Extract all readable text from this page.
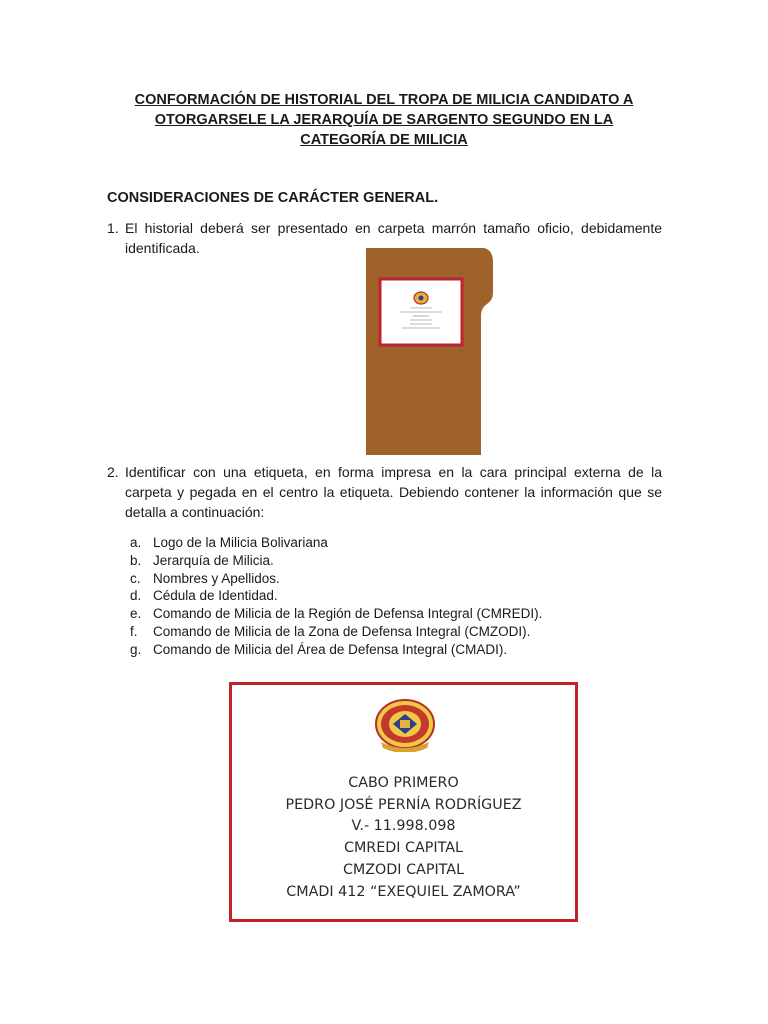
CONFORMACIÓN DE HISTORIAL DEL TROPA DE MILICIA CANDIDATO A
OTORGARSELE LA JERARQUÍA DE SARGENTO SEGUNDO EN LA
CATEGORÍA DE MILICIA
CONSIDERACIONES DE CARÁCTER GENERAL.
1. El historial deberá ser presentado en carpeta marrón tamaño oficio, debidamente identificada.
2. Identificar con una etiqueta, en forma impresa en la cara principal externa de la carpeta y pegada en el centro la etiqueta. Debiendo contener la información que se detalla a continuación:
a. Logo de la Milicia Bolivariana
b. Jerarquía de Milicia.
c. Nombres y Apellidos.
d. Cédula de Identidad.
e. Comando de Milicia de la Región de Defensa Integral (CMREDI).
f. Comando de Milicia de la Zona de Defensa Integral (CMZODI).
g. Comando de Milicia del Área de Defensa Integral (CMADI).
CABO PRIMERO
PEDRO JOSÉ PERNÍA RODRÍGUEZ
V.- 11.998.098
CMREDI CAPITAL
CMZODI CAPITAL
CMADI 412 “EXEQUIEL ZAMORA”
